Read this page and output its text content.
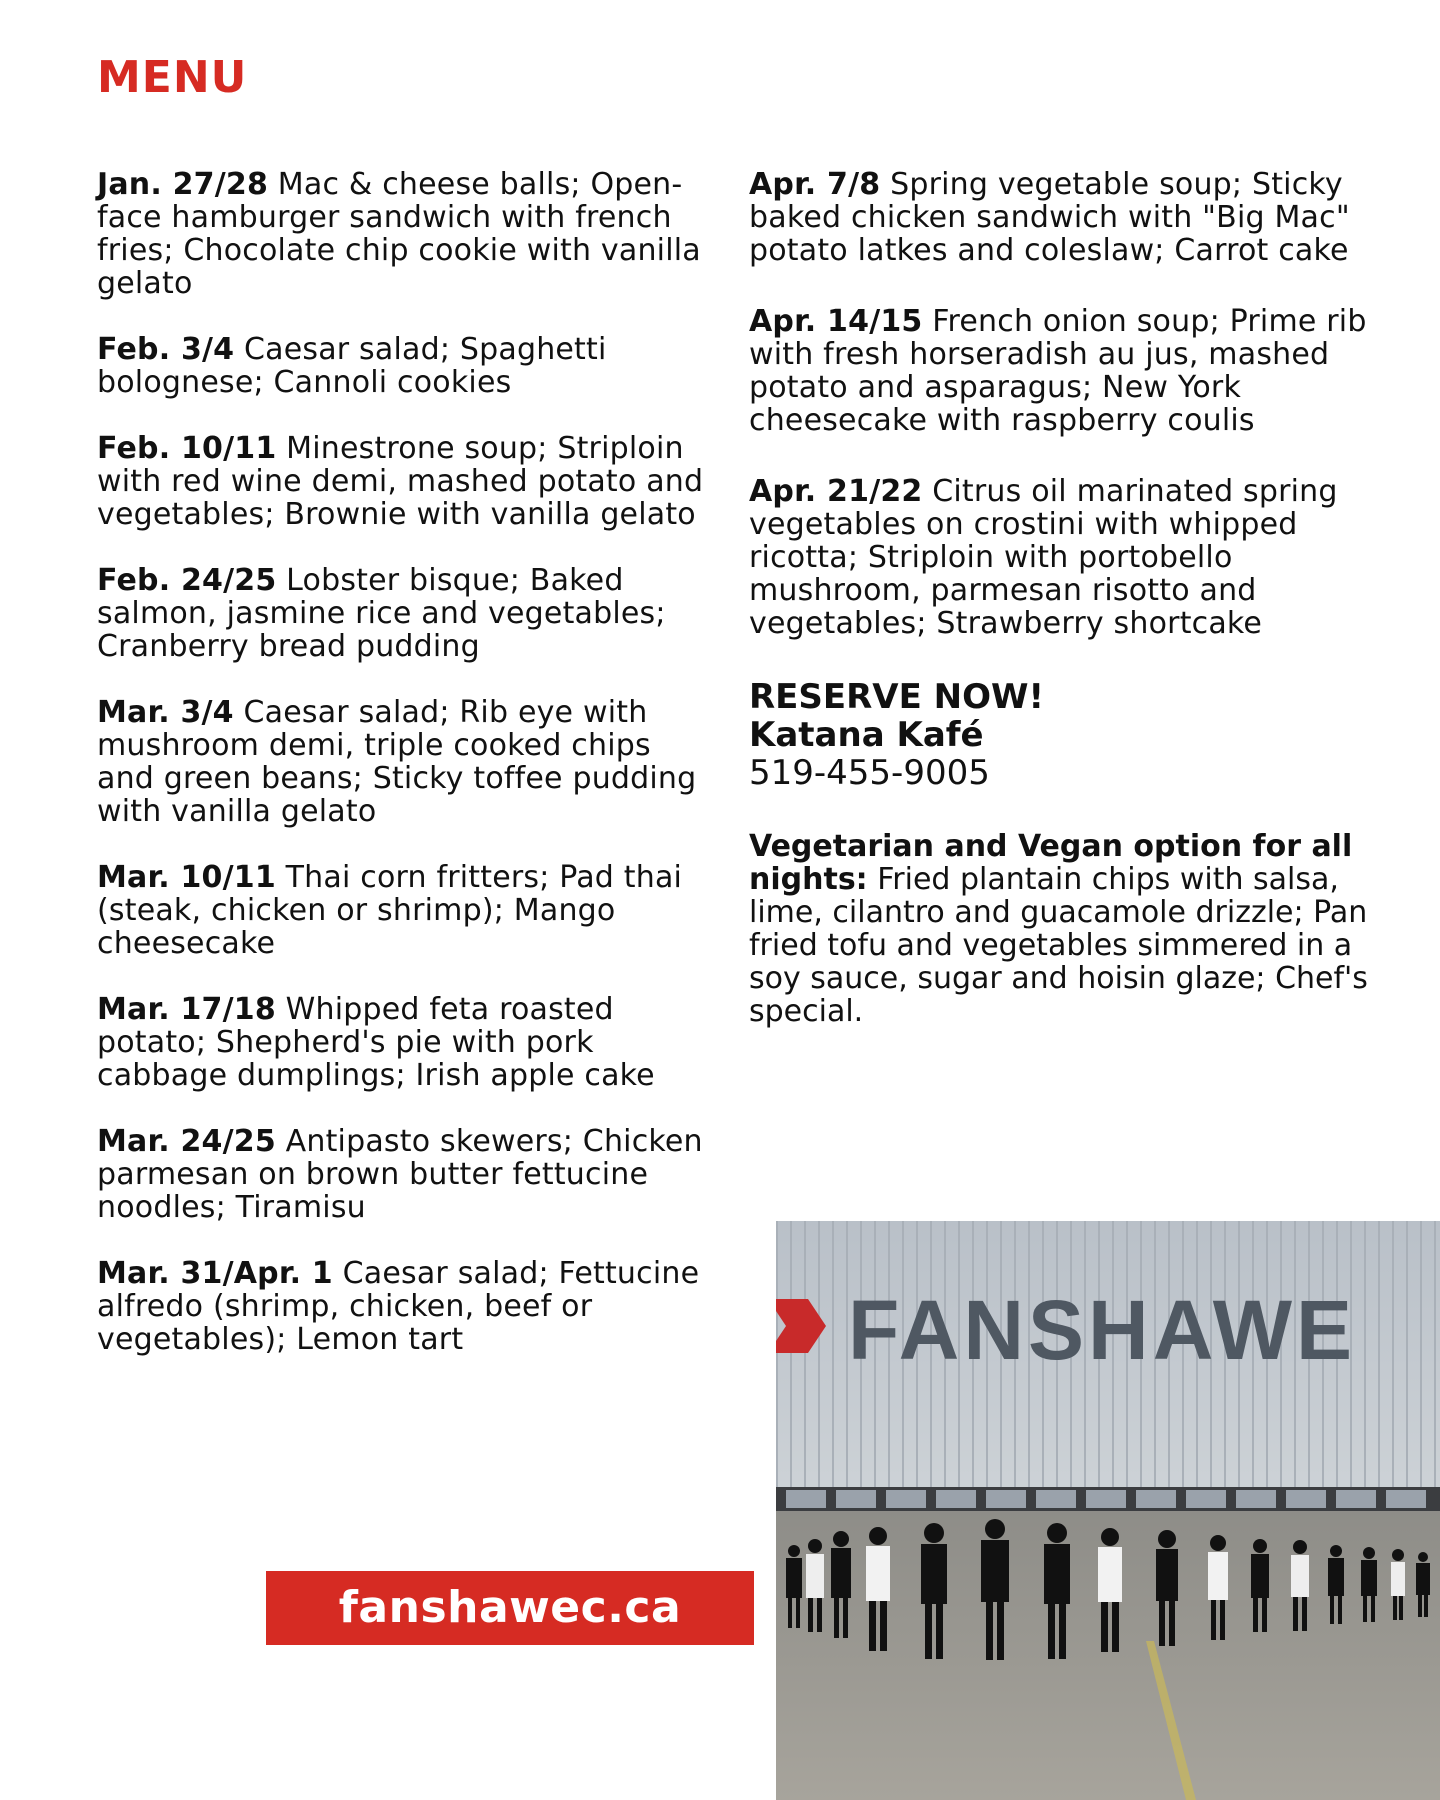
MENU

Jan. 27/28 Mac & cheese balls; Open-face hamburger sandwich with french fries; Chocolate chip cookie with vanilla gelato

Feb. 3/4 Caesar salad; Spaghetti bolognese; Cannoli cookies

Feb. 10/11 Minestrone soup; Striploin with red wine demi, mashed potato and vegetables; Brownie with vanilla gelato

Feb. 24/25 Lobster bisque; Baked salmon, jasmine rice and vegetables; Cranberry bread pudding

Mar. 3/4 Caesar salad; Rib eye with mushroom demi, triple cooked chips and green beans; Sticky toffee pudding with vanilla gelato

Mar. 10/11 Thai corn fritters; Pad thai (steak, chicken or shrimp); Mango cheesecake

Mar. 17/18 Whipped feta roasted potato; Shepherd's pie with pork cabbage dumplings; Irish apple cake

Mar. 24/25 Antipasto skewers; Chicken parmesan on brown butter fettucine noodles; Tiramisu

Mar. 31/Apr. 1 Caesar salad; Fettucine alfredo (shrimp, chicken, beef or vegetables); Lemon tart

Apr. 7/8 Spring vegetable soup; Sticky baked chicken sandwich with "Big Mac" potato latkes and coleslaw; Carrot cake

Apr. 14/15 French onion soup; Prime rib with fresh horseradish au jus, mashed potato and asparagus; New York cheesecake with raspberry coulis

Apr. 21/22 Citrus oil marinated spring vegetables on crostini with whipped ricotta; Striploin with portobello mushroom, parmesan risotto and vegetables; Strawberry shortcake

RESERVE NOW!
Katana Kafé
519-455-9005

Vegetarian and Vegan option for all nights: Fried plantain chips with salsa, lime, cilantro and guacamole drizzle; Pan fried tofu and vegetables simmered in a soy sauce, sugar and hoisin glaze; Chef's special.

fanshawec.ca
FANSHAWE
